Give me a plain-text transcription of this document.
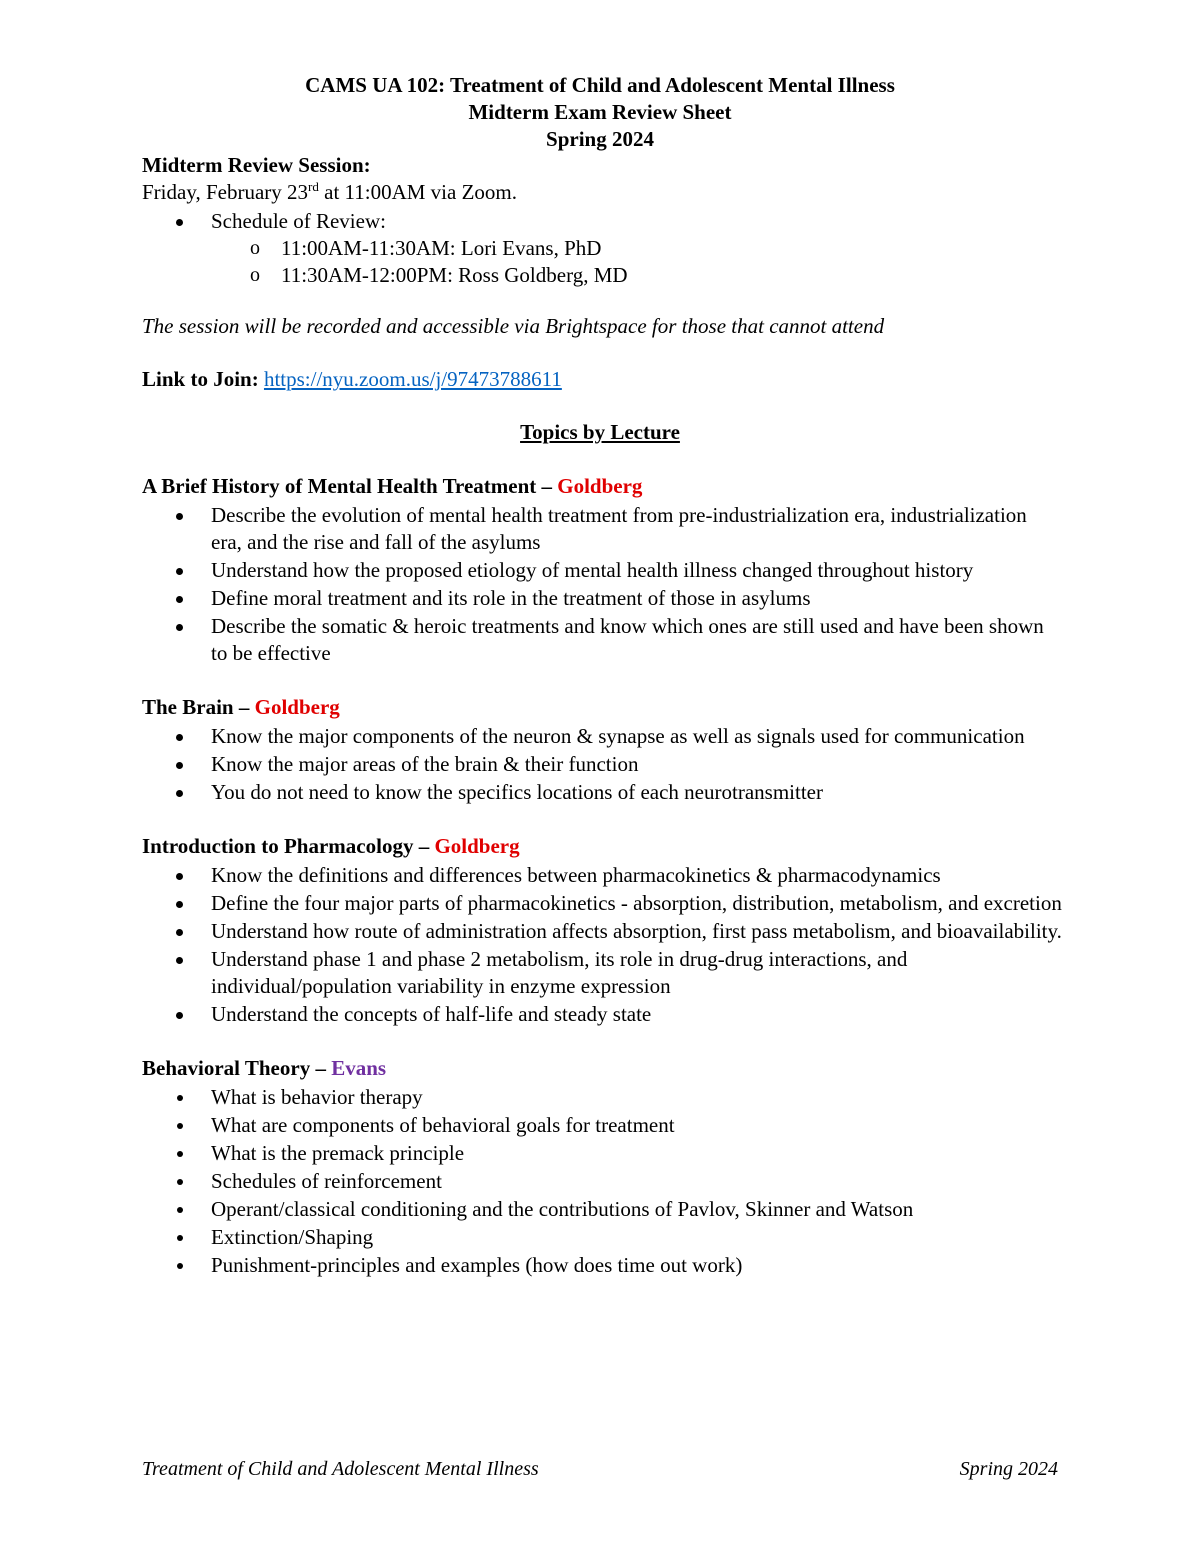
CAMS UA 102: Treatment of Child and Adolescent Mental Illness
Midterm Exam Review Sheet
Spring 2024

Midterm Review Session:

Friday, February 23rd at 11:00AM via Zoom.

Schedule of Review:
o 11:00AM-11:30AM: Lori Evans, PhD
o 11:30AM-12:00PM: Ross Goldberg, MD

The session will be recorded and accessible via Brightspace for those that cannot attend

Link to Join: https://nyu.zoom.us/j/97473788611

Topics by Lecture

A Brief History of Mental Health Treatment – Goldberg

Describe the evolution of mental health treatment from pre-industrialization era, industrialization era, and the rise and fall of the asylums
Understand how the proposed etiology of mental health illness changed throughout history
Define moral treatment and its role in the treatment of those in asylums
Describe the somatic & heroic treatments and know which ones are still used and have been shown to be effective

The Brain – Goldberg

Know the major components of the neuron & synapse as well as signals used for communication
Know the major areas of the brain & their function
You do not need to know the specifics locations of each neurotransmitter

Introduction to Pharmacology – Goldberg

Know the definitions and differences between pharmacokinetics & pharmacodynamics
Define the four major parts of pharmacokinetics - absorption, distribution, metabolism, and excretion
Understand how route of administration affects absorption, first pass metabolism, and bioavailability.
Understand phase 1 and phase 2 metabolism, its role in drug-drug interactions, and individual/population variability in enzyme expression
Understand the concepts of half-life and steady state

Behavioral Theory – Evans

What is behavior therapy
What are components of behavioral goals for treatment
What is the premack principle
Schedules of reinforcement
Operant/classical conditioning and the contributions of Pavlov, Skinner and Watson
Extinction/Shaping
Punishment-principles and examples (how does time out work)
Treatment of Child and Adolescent Mental Illness	Spring 2024
